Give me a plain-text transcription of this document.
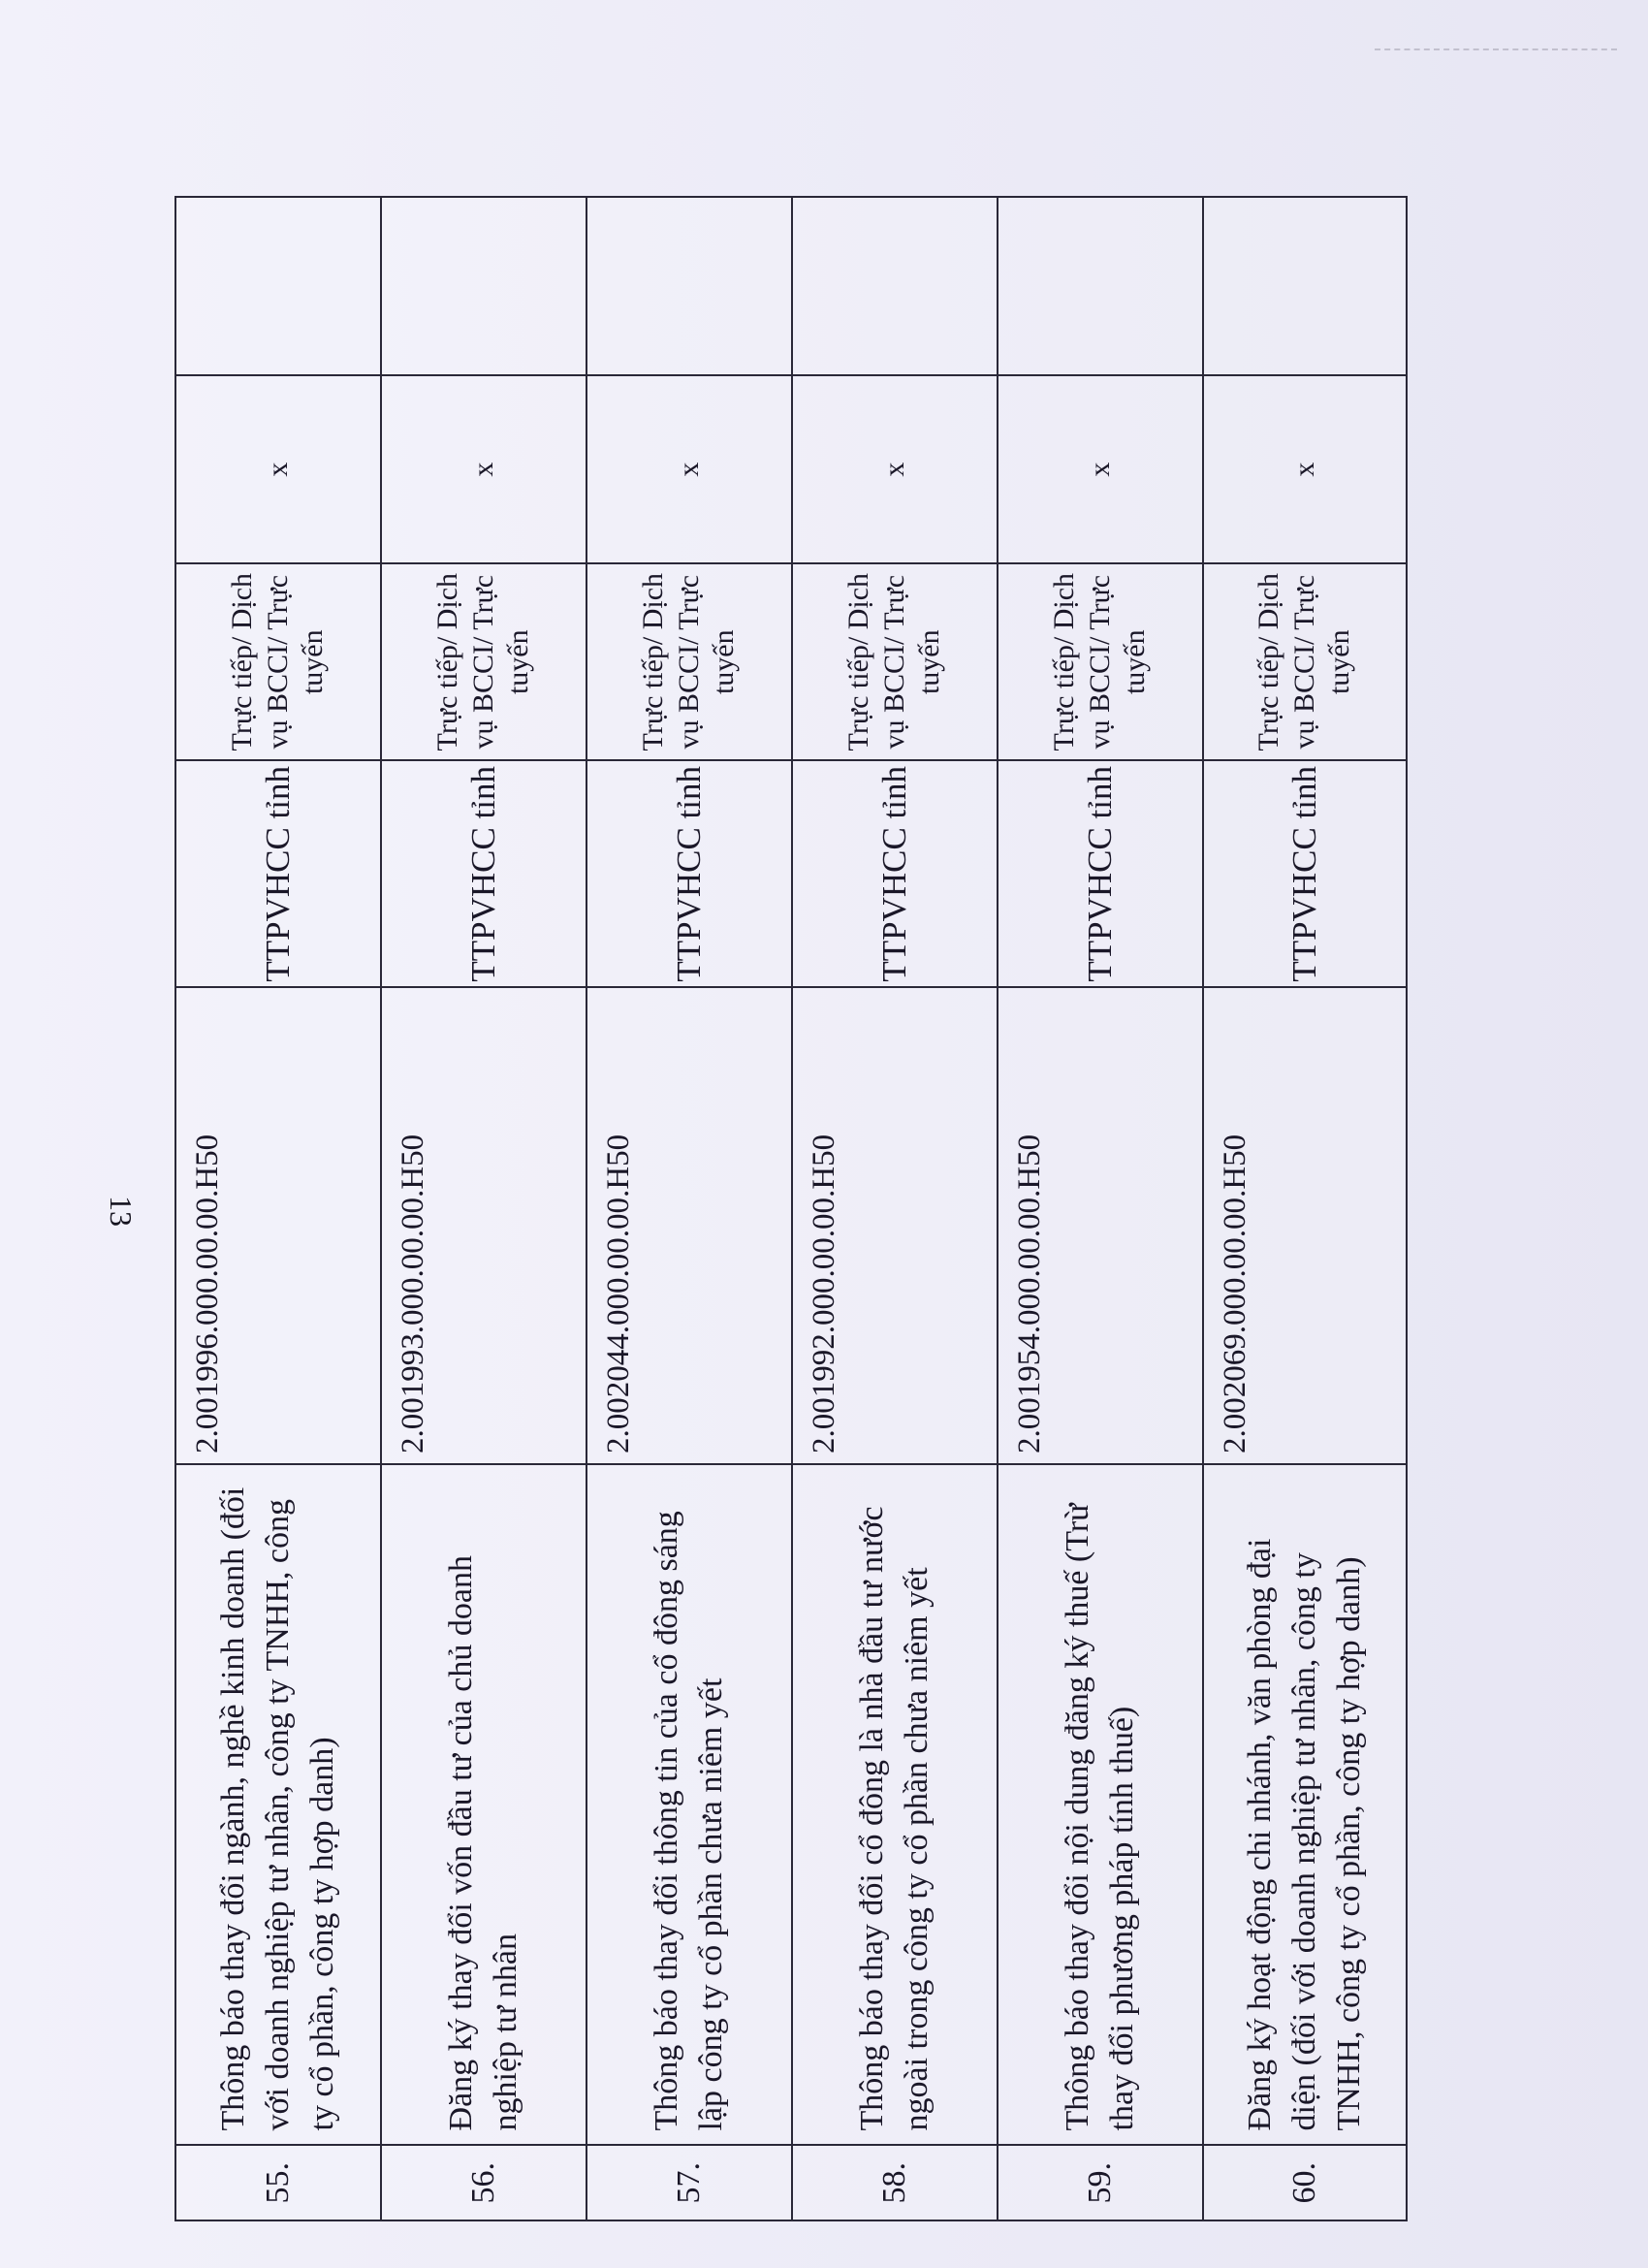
13
55.	Thông báo thay đổi ngành, nghề kinh doanh (đối với doanh nghiệp tư nhân, công ty TNHH, công ty cổ phần, công ty hợp danh)	2.001996.000.00.00.H50	TTPVHCC tỉnh	Trực tiếp/ Dịch vụ BCCI/ Trực tuyến	x	
56.	Đăng ký thay đổi vốn đầu tư của chủ doanh nghiệp tư nhân	2.001993.000.00.00.H50	TTPVHCC tỉnh	Trực tiếp/ Dịch vụ BCCI/ Trực tuyến	x	
57.	Thông báo thay đổi thông tin của cổ đông sáng lập công ty cổ phần chưa niêm yết	2.002044.000.00.00.H50	TTPVHCC tỉnh	Trực tiếp/ Dịch vụ BCCI/ Trực tuyến	x	
58.	Thông báo thay đổi cổ đông là nhà đầu tư nước ngoài trong công ty cổ phần chưa niêm yết	2.001992.000.00.00.H50	TTPVHCC tỉnh	Trực tiếp/ Dịch vụ BCCI/ Trực tuyến	x	
59.	Thông báo thay đổi nội dung đăng ký thuế (Trừ thay đổi phương pháp tính thuế)	2.001954.000.00.00.H50	TTPVHCC tỉnh	Trực tiếp/ Dịch vụ BCCI/ Trực tuyến	x	
60.	Đăng ký hoạt động chi nhánh, văn phòng đại diện (đối với doanh nghiệp tư nhân, công ty TNHH, công ty cổ phần, công ty hợp danh)	2.002069.000.00.00.H50	TTPVHCC tỉnh	Trực tiếp/ Dịch vụ BCCI/ Trực tuyến	x	
